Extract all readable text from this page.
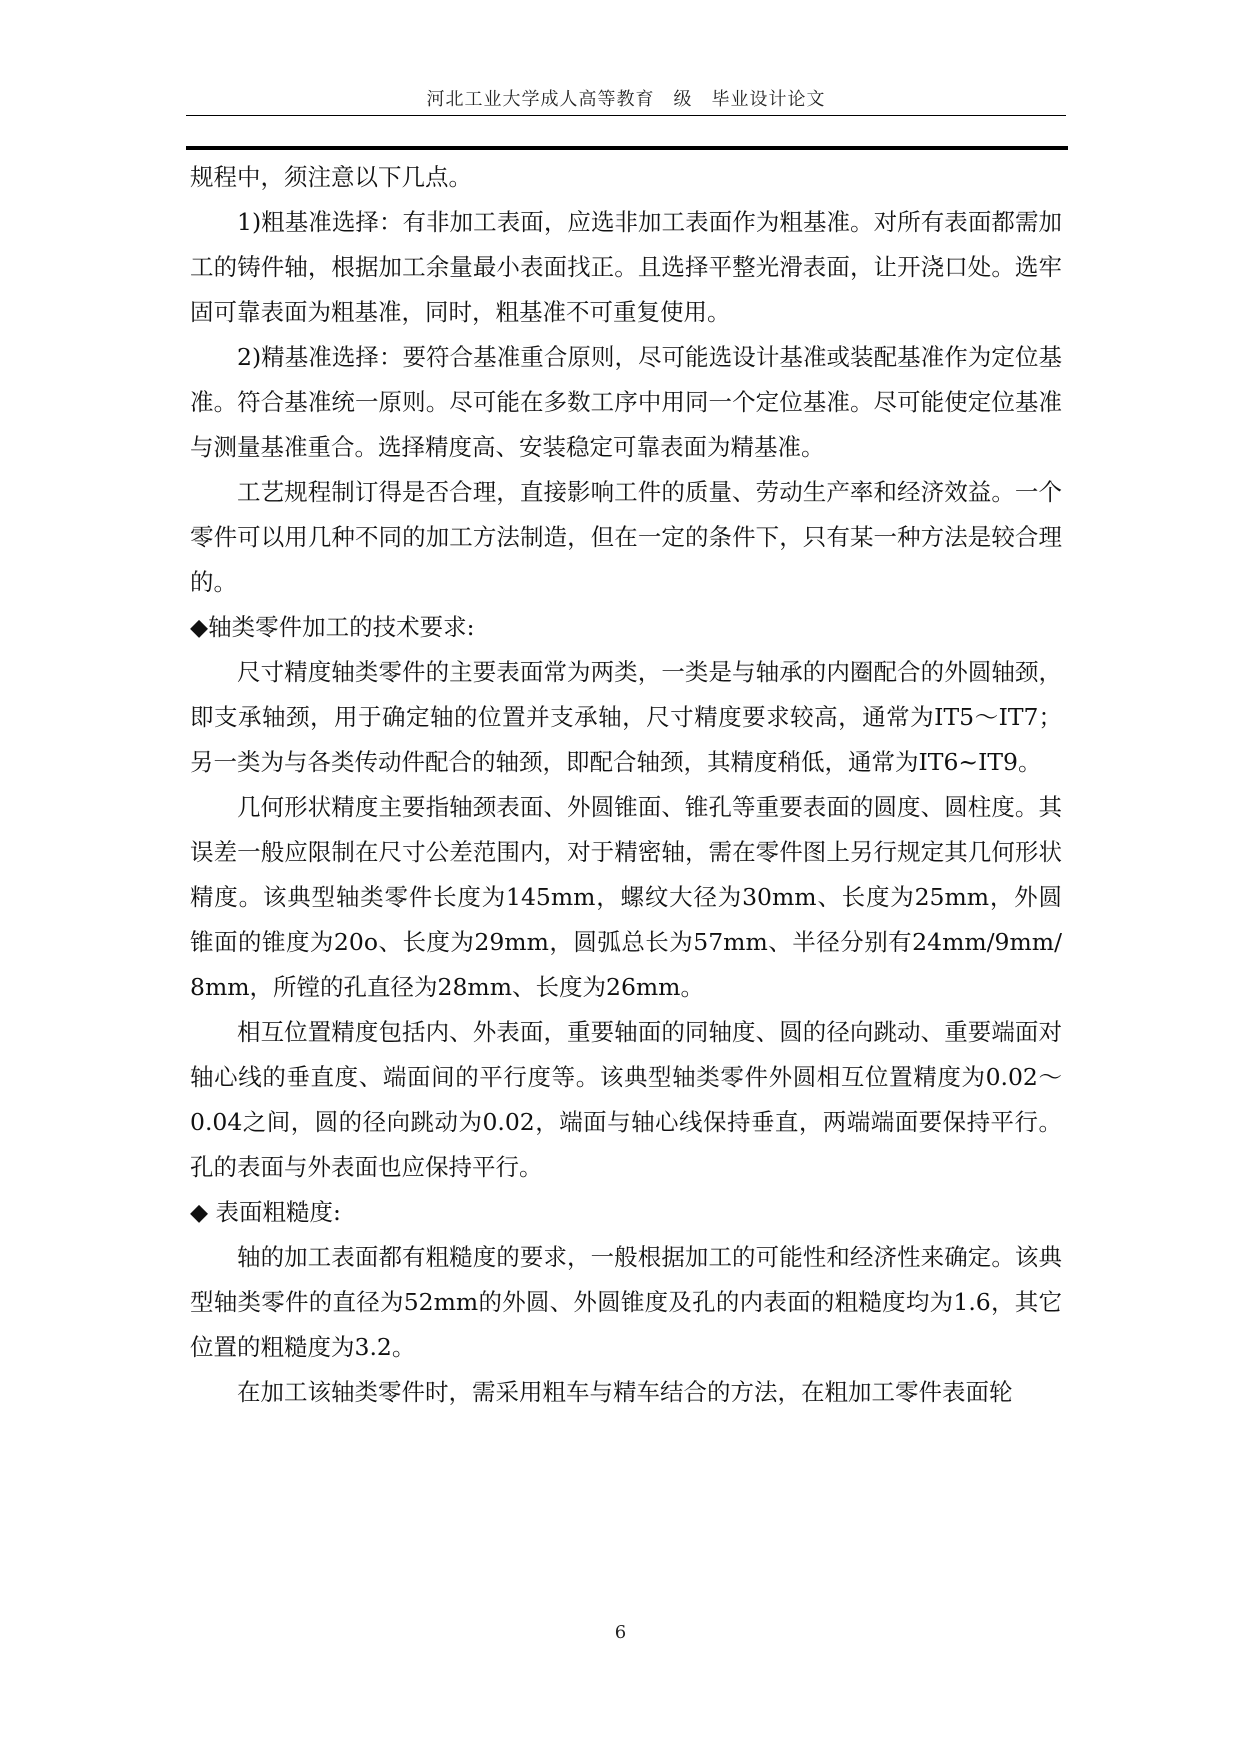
河北工业大学成人高等教育　级　毕业设计论文

规程中，须注意以下几点。

1)粗基准选择：有非加工表面，应选非加工表面作为粗基准。对所有表面都需加工的铸件轴，根据加工余量最小表面找正。且选择平整光滑表面，让开浇口处。选牢固可靠表面为粗基准，同时，粗基准不可重复使用。

2)精基准选择：要符合基准重合原则，尽可能选设计基准或装配基准作为定位基准。符合基准统一原则。尽可能在多数工序中用同一个定位基准。尽可能使定位基准与测量基准重合。选择精度高、安装稳定可靠表面为精基准。

工艺规程制订得是否合理，直接影响工件的质量、劳动生产率和经济效益。一个零件可以用几种不同的加工方法制造，但在一定的条件下，只有某一种方法是较合理的。

◆轴类零件加工的技术要求:

尺寸精度轴类零件的主要表面常为两类，一类是与轴承的内圈配合的外圆轴颈，即支承轴颈，用于确定轴的位置并支承轴，尺寸精度要求较高，通常为IT5～IT7；另一类为与各类传动件配合的轴颈，即配合轴颈，其精度稍低，通常为IT6~IT9。

几何形状精度主要指轴颈表面、外圆锥面、锥孔等重要表面的圆度、圆柱度。其误差一般应限制在尺寸公差范围内，对于精密轴，需在零件图上另行规定其几何形状精度。该典型轴类零件长度为145mm，螺纹大径为30mm、长度为25mm，外圆锥面的锥度为20o、长度为29mm，圆弧总长为57mm、半径分别有24mm/9mm/8mm，所镗的孔直径为28mm、长度为26mm。

相互位置精度包括内、外表面，重要轴面的同轴度、圆的径向跳动、重要端面对轴心线的垂直度、端面间的平行度等。该典型轴类零件外圆相互位置精度为0.02～0.04之间，圆的径向跳动为0.02，端面与轴心线保持垂直，两端端面要保持平行。孔的表面与外表面也应保持平行。

◆ 表面粗糙度:

轴的加工表面都有粗糙度的要求，一般根据加工的可能性和经济性来确定。该典型轴类零件的直径为52mm的外圆、外圆锥度及孔的内表面的粗糙度均为1.6，其它位置的粗糙度为3.2。

在加工该轴类零件时，需采用粗车与精车结合的方法，在粗加工零件表面轮

6
